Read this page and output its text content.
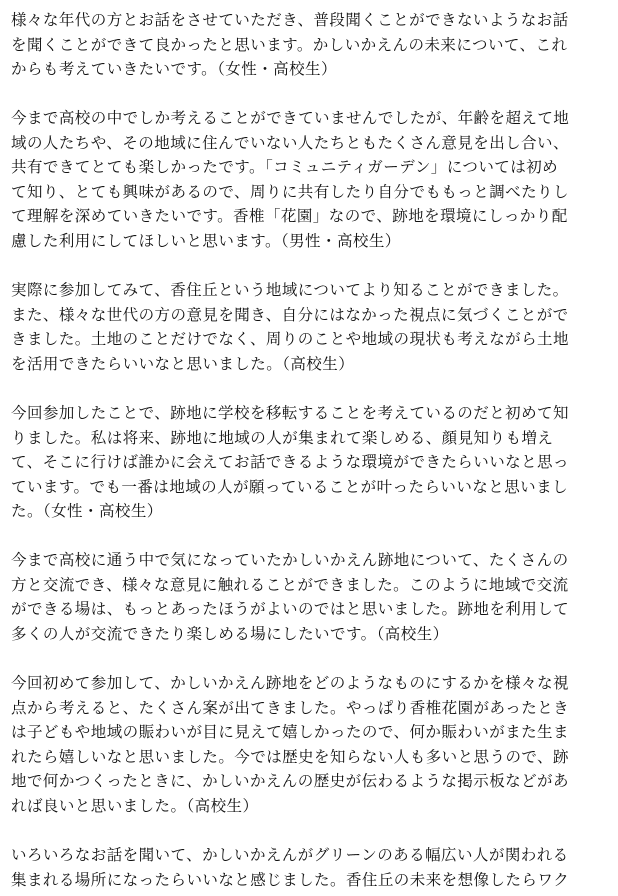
様々な年代の方とお話をさせていただき、普段聞くことができないようなお話
を聞くことができて良かったと思います。かしいかえんの未来について、これ
からも考えていきたいです。（女性・高校生）
今まで高校の中でしか考えることができていませんでしたが、年齢を超えて地
域の人たちや、その地域に住んでいない人たちともたくさん意見を出し合い、
共有できてとても楽しかったです。「コミュニティガーデン」については初め
て知り、とても興味があるので、周りに共有したり自分でももっと調べたりし
て理解を深めていきたいです。香椎「花園」なので、跡地を環境にしっかり配
慮した利用にしてほしいと思います。（男性・高校生）
実際に参加してみて、香住丘という地域についてより知ることができました。
また、様々な世代の方の意見を聞き、自分にはなかった視点に気づくことがで
きました。土地のことだけでなく、周りのことや地域の現状も考えながら土地
を活用できたらいいなと思いました。（高校生）
今回参加したことで、跡地に学校を移転することを考えているのだと初めて知
りました。私は将来、跡地に地域の人が集まれて楽しめる、顔見知りも増え
て、そこに行けば誰かに会えてお話できるような環境ができたらいいなと思っ
ています。でも一番は地域の人が願っていることが叶ったらいいなと思いまし
た。（女性・高校生）
今まで高校に通う中で気になっていたかしいかえん跡地について、たくさんの
方と交流でき、様々な意見に触れることができました。このように地域で交流
ができる場は、もっとあったほうがよいのではと思いました。跡地を利用して
多くの人が交流できたり楽しめる場にしたいです。（高校生）
今回初めて参加して、かしいかえん跡地をどのようなものにするかを様々な視
点から考えると、たくさん案が出てきました。やっぱり香椎花園があったとき
は子どもや地域の賑わいが目に見えて嬉しかったので、何か賑わいがまた生ま
れたら嬉しいなと思いました。今では歴史を知らない人も多いと思うので、跡
地で何かつくったときに、かしいかえんの歴史が伝わるような掲示板などがあ
れば良いと思いました。（高校生）
いろいろなお話を聞いて、かしいかえんがグリーンのある幅広い人が関われる
集まれる場所になったらいいなと感じました。香住丘の未来を想像したらワク
